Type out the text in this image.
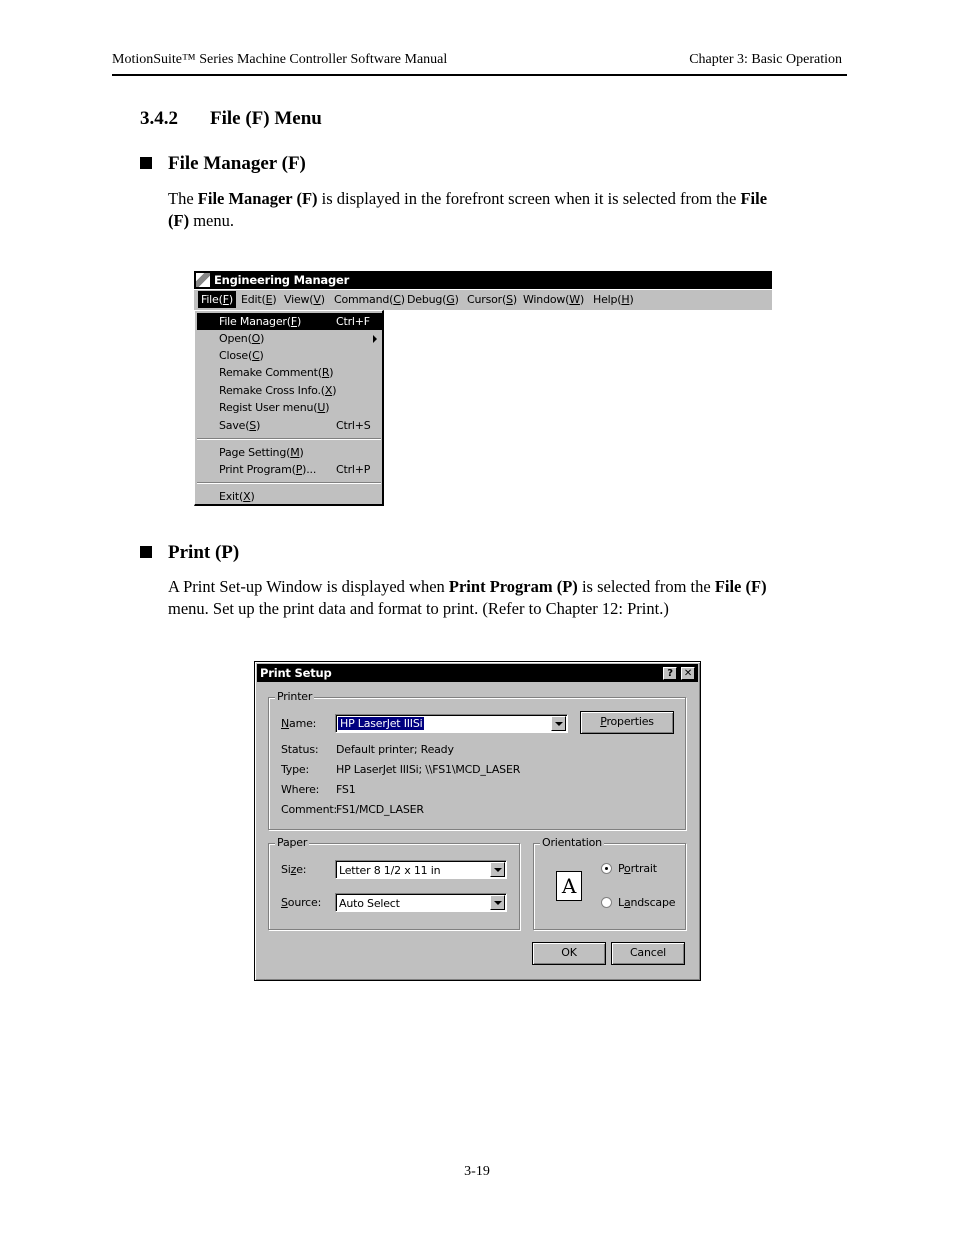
MotionSuite™ Series Machine Controller Software Manual	Chapter 3: Basic Operation
3.4.2 File (F) Menu
File Manager (F)
The File Manager (F) is displayed in the forefront screen when it is selected from the File
(F) menu.
Engineering Manager
File(F) Edit(E) View(V) Command(C) Debug(G) Cursor(S) Window(W) Help(H)
File Manager(F)	Ctrl+F
Open(O)
Close(C)
Remake Comment(R)
Remake Cross Info.(X)
Regist User menu(U)
Save(S)	Ctrl+S
Page Setting(M)
Print Program(P)... Ctrl+P
Exit(X)
Print (P)
A Print Set-up Window is displayed when Print Program (P) is selected from the File (F)
menu. Set up the print data and format to print. (Refer to Chapter 12: Print.)
Print Setup	?	✕
Printer
Name: HP LaserJet IIISi	Properties
Status: Default printer; Ready
Type: HP LaserJet IIISi; \\FS1\MCD_LASER
Where: FS1
Comment: FS1/MCD_LASER
Paper
Size:	Letter 8 1/2 x 11 in
Source: Auto Select
Orientation
A
Portrait
Landscape
OK	Cancel
3-19
